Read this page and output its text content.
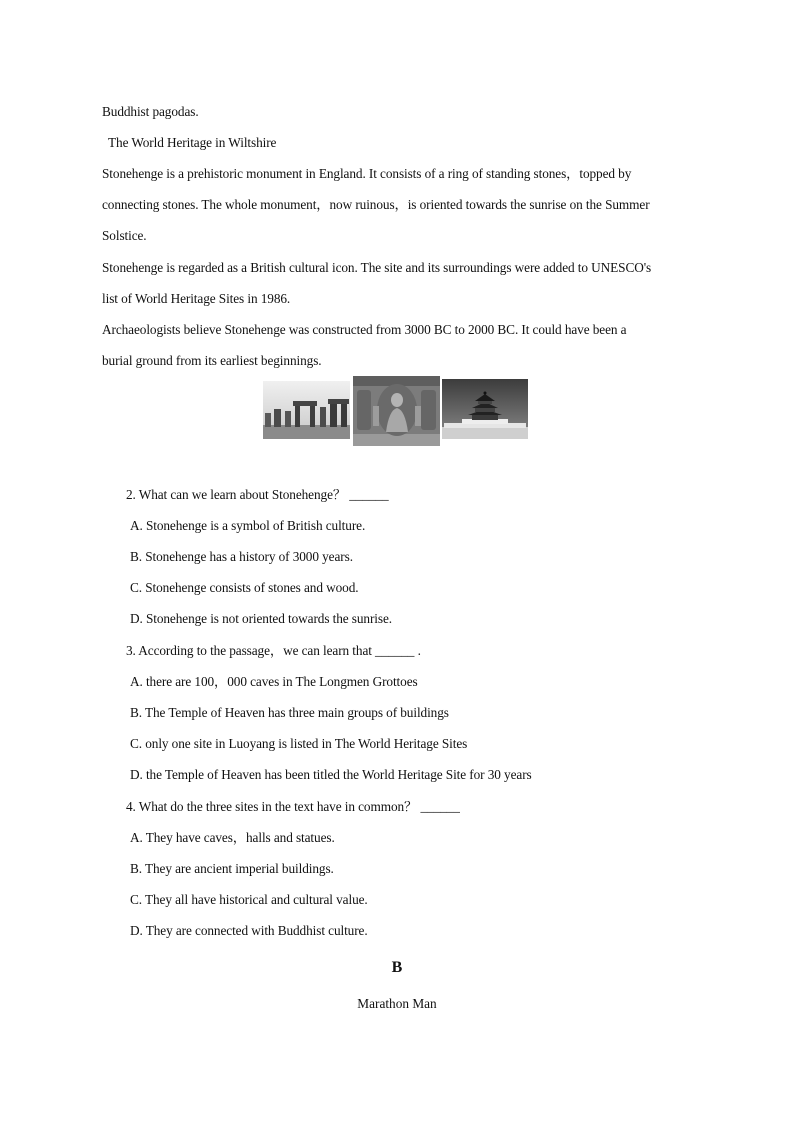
Buddhist pagodas.
The World Heritage in Wiltshire
Stonehenge is a prehistoric monument in England. It consists of a ring of standing stones，topped by
connecting stones. The whole monument，now ruinous，is oriented towards the sunrise on the Summer
Solstice.
Stonehenge is regarded as a British cultural icon. The site and its surroundings were added to UNESCO's
list of World Heritage Sites in 1986.
Archaeologists believe Stonehenge was constructed from 3000 BC to 2000 BC. It could have been a
burial ground from its earliest beginnings.
2. What can we learn about Stonehenge？ ______
A. Stonehenge is a symbol of British culture.
B. Stonehenge has a history of 3000 years.
C. Stonehenge consists of stones and wood.
D. Stonehenge is not oriented towards the sunrise.
3. According to the passage，we can learn that ______ .
A. there are 100，000 caves in The Longmen Grottoes
B. The Temple of Heaven has three main groups of buildings
C. only one site in Luoyang is listed in The World Heritage Sites
D. the Temple of Heaven has been titled the World Heritage Site for 30 years
4. What do the three sites in the text have in common？ ______
A. They have caves，halls and statues.
B. They are ancient imperial buildings.
C. They all have historical and cultural value.
D. They are connected with Buddhist culture.
B
Marathon Man
